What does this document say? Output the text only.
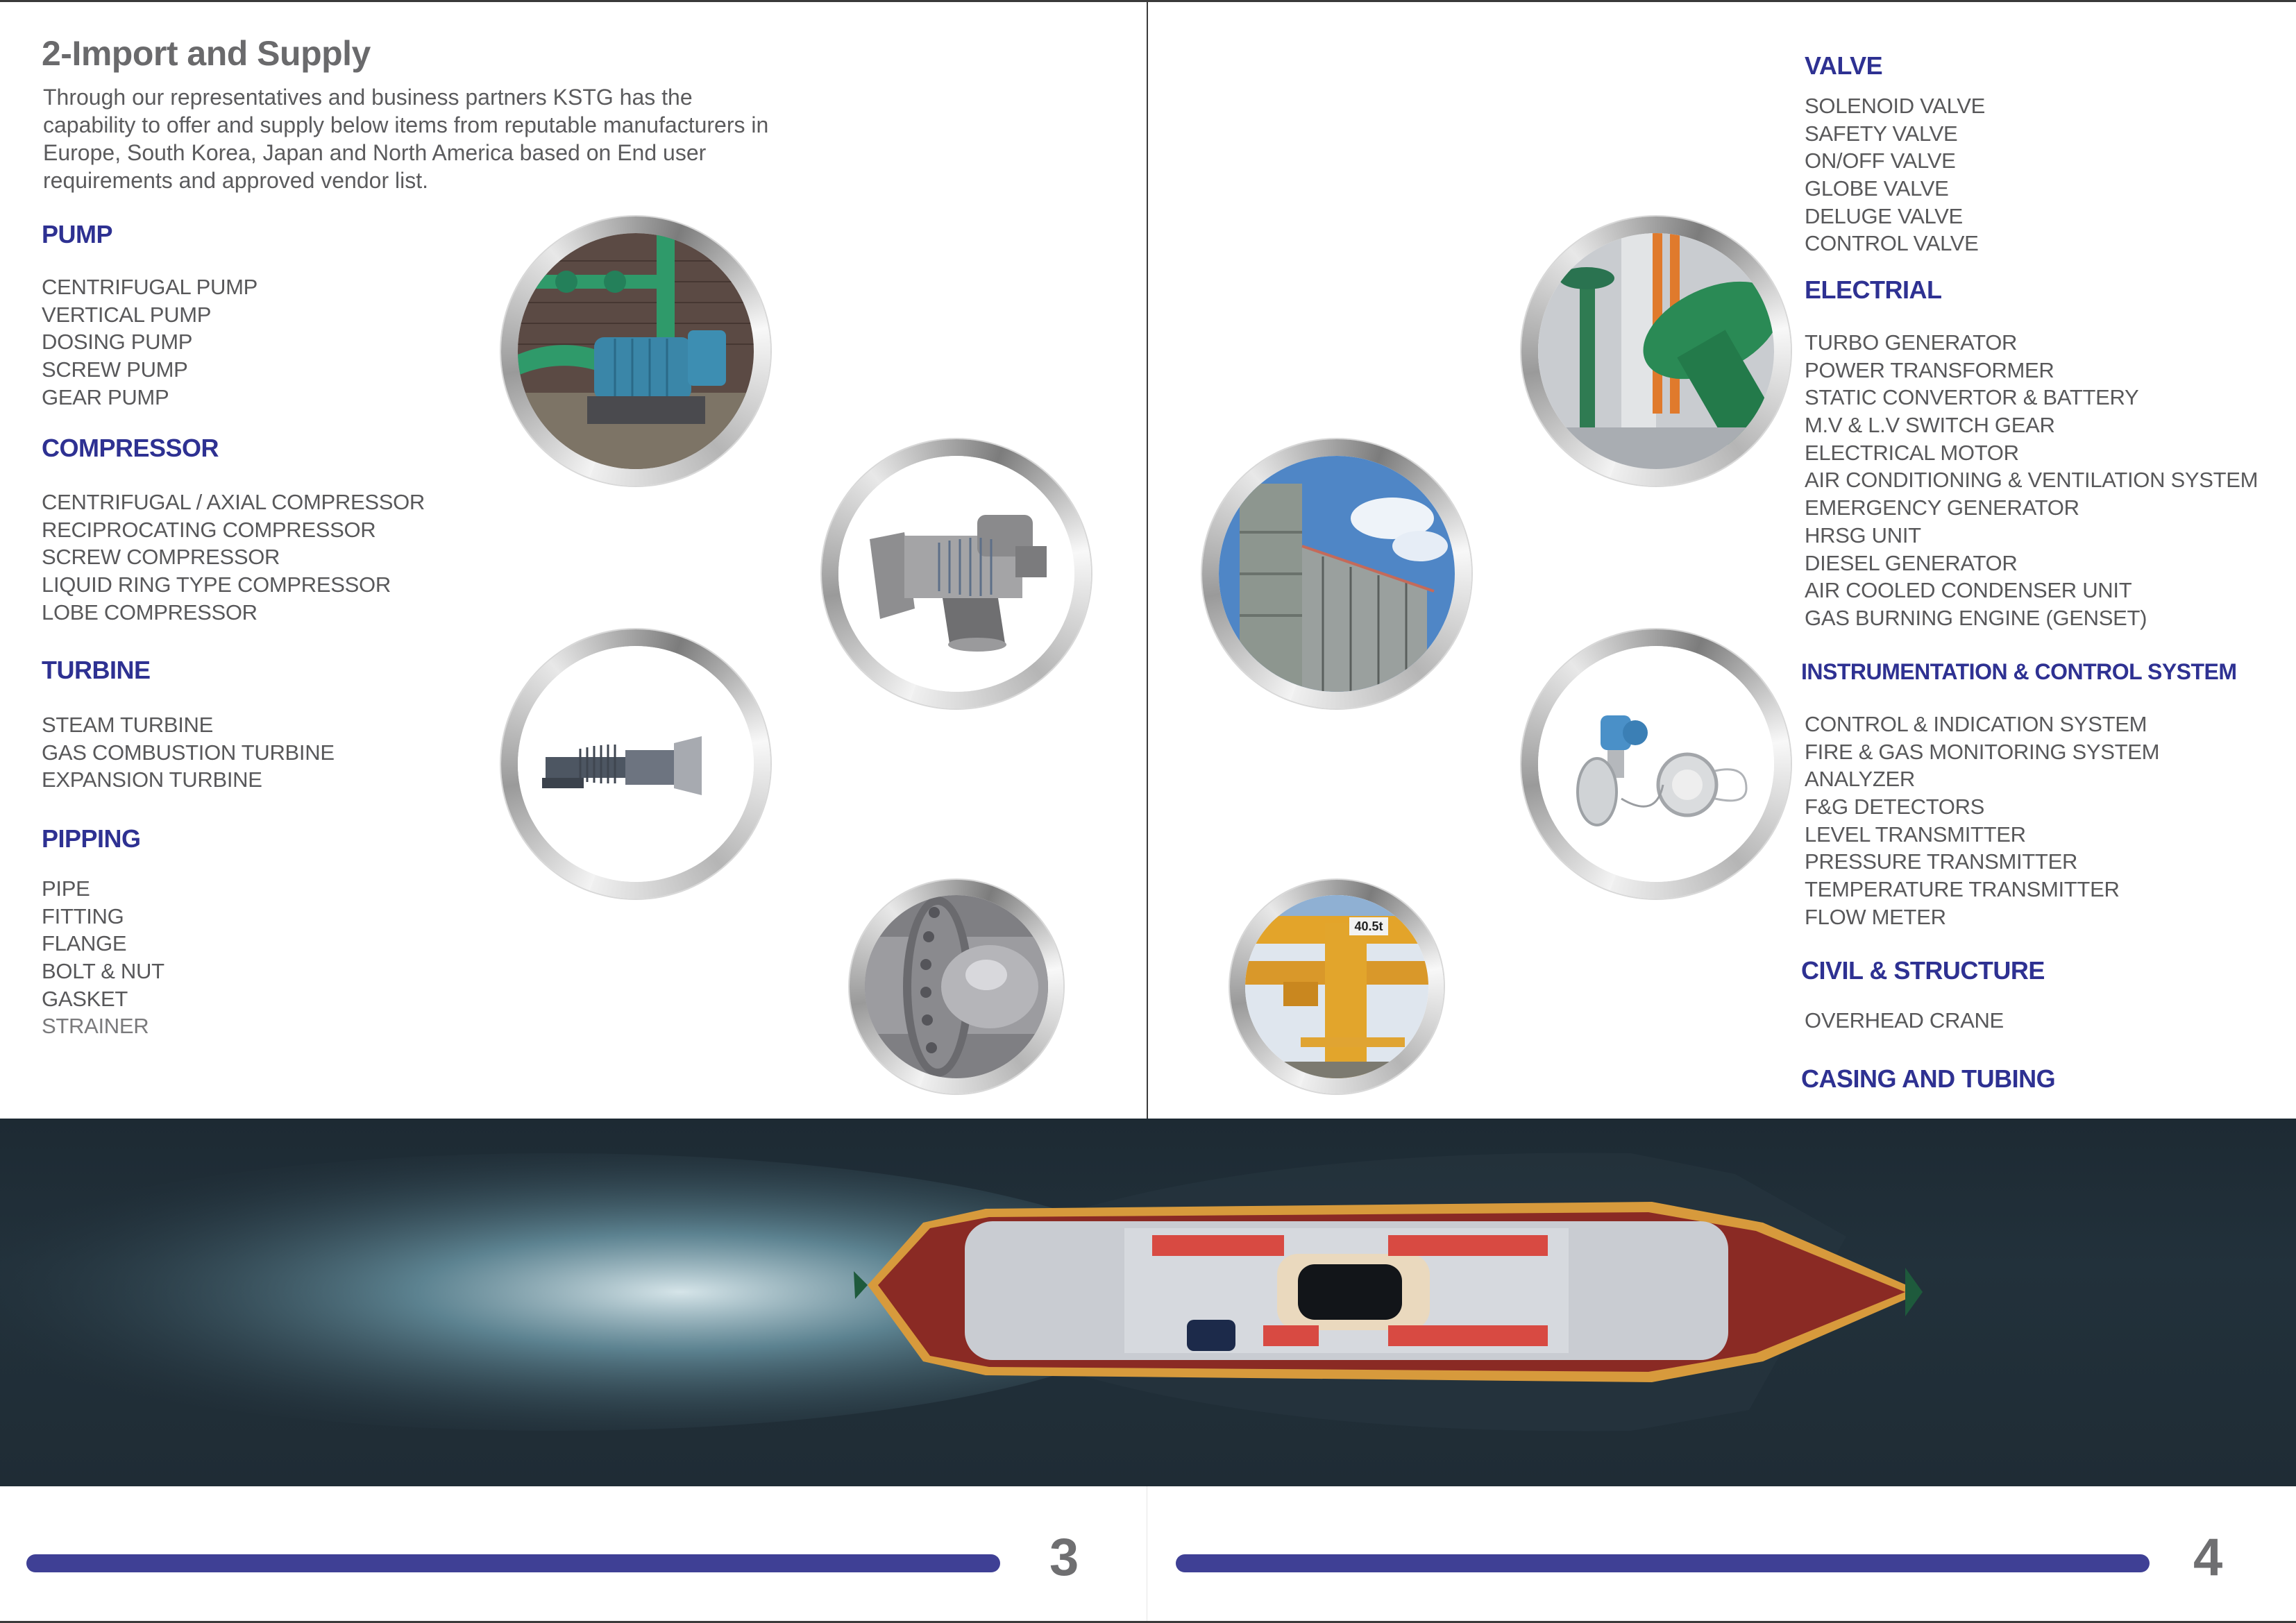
2-Import and Supply
Through our representatives and business partners KSTG has the capability to offer and supply below items from reputable manufacturers in Europe, South Korea, Japan and North America based on End user requirements and approved vendor list.
PUMP
CENTRIFUGAL PUMP
VERTICAL PUMP
DOSING PUMP
SCREW PUMP
GEAR PUMP
COMPRESSOR
CENTRIFUGAL / AXIAL COMPRESSOR
RECIPROCATING COMPRESSOR
SCREW COMPRESSOR
LIQUID RING TYPE COMPRESSOR
LOBE COMPRESSOR
TURBINE
STEAM TURBINE
GAS COMBUSTION TURBINE
EXPANSION TURBINE
PIPPING
PIPE
FITTING
FLANGE
BOLT & NUT
GASKET
STRAINER
VALVE
SOLENOID VALVE
SAFETY VALVE
ON/OFF VALVE
GLOBE VALVE
DELUGE VALVE
CONTROL VALVE
ELECTRIAL
TURBO GENERATOR
POWER TRANSFORMER
STATIC CONVERTOR & BATTERY
M.V & L.V SWITCH GEAR
ELECTRICAL MOTOR
AIR CONDITIONING & VENTILATION SYSTEM
EMERGENCY GENERATOR
HRSG UNIT
DIESEL GENERATOR
AIR COOLED CONDENSER UNIT
GAS BURNING ENGINE (GENSET)
INSTRUMENTATION & CONTROL SYSTEM
CONTROL & INDICATION SYSTEM
FIRE & GAS MONITORING SYSTEM
ANALYZER
F&G DETECTORS
LEVEL TRANSMITTER
PRESSURE TRANSMITTER
TEMPERATURE TRANSMITTER
FLOW METER
CIVIL & STRUCTURE
OVERHEAD CRANE
CASING AND TUBING
40.5t
3	4
